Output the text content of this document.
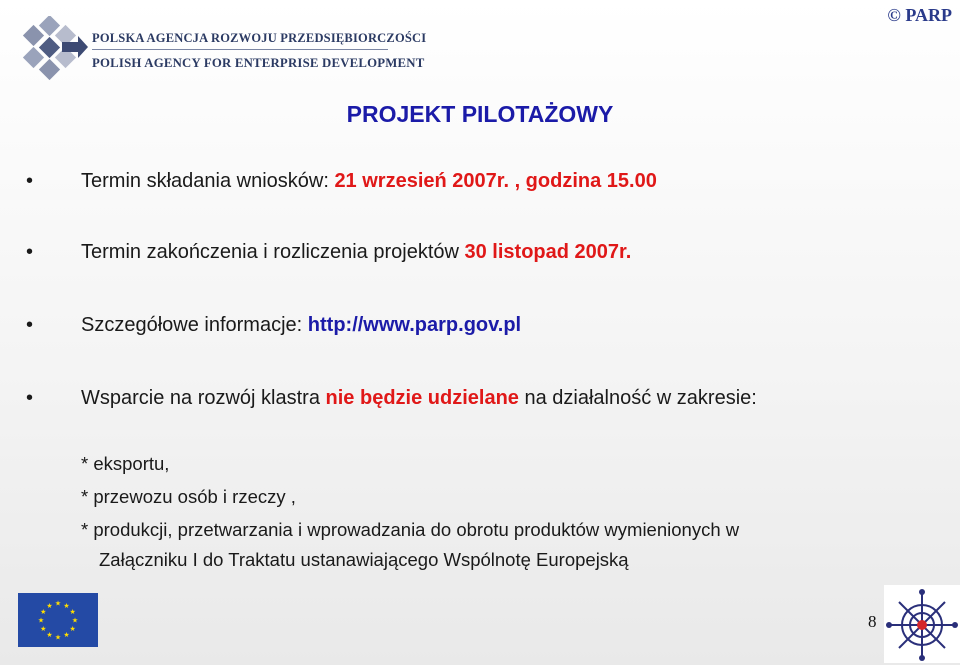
POLSKA AGENCJA ROZWOJU PRZEDSIĘBIORCZOŚCI
POLISH AGENCY FOR ENTERPRISE DEVELOPMENT
© PARP
PROJEKT PILOTAŻOWY
• Termin składania wniosków: 21 wrzesień 2007r. , godzina 15.00
• Termin zakończenia i rozliczenia projektów 30 listopad 2007r.
• Szczegółowe informacje: http://www.parp.gov.pl
• Wsparcie na rozwój klastra nie będzie udzielane na działalność w zakresie:
* eksportu,
* przewozu osób i rzeczy ,
* produkcji, przetwarzania i wprowadzania do obrotu produktów wymienionych w
Załączniku I do Traktatu ustanawiającego Wspólnotę Europejską
★ ★
★
★
★
★
★
★
★
★
★
★
8
